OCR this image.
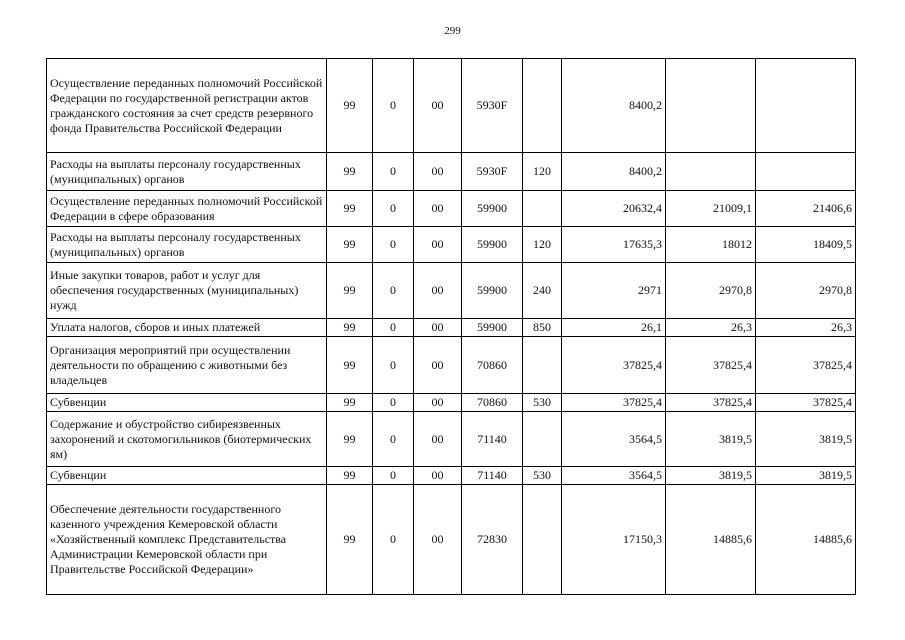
299
Осуществление переданных полномочий Российской Федерации по государственной регистрации актов гражданского состояния за счет средств резервного фонда Правительства Российской Федерации	99	0	00	5930F		8400,2		
Расходы на выплаты персоналу государственных (муниципальных) органов	99	0	00	5930F	120	8400,2		
Осуществление переданных полномочий Российской Федерации в сфере образования	99	0	00	59900		20632,4	21009,1	21406,6
Расходы на выплаты персоналу государственных (муниципальных) органов	99	0	00	59900	120	17635,3	18012	18409,5
Иные закупки товаров, работ и услуг для обеспечения государственных (муниципальных) нужд	99	0	00	59900	240	2971	2970,8	2970,8
Уплата налогов, сборов и иных платежей	99	0	00	59900	850	26,1	26,3	26,3
Организация мероприятий при осуществлении деятельности по обращению с животными без владельцев	99	0	00	70860		37825,4	37825,4	37825,4
Субвенции	99	0	00	70860	530	37825,4	37825,4	37825,4
Содержание и обустройство сибиреязвенных захоронений и скотомогильников (биотермических ям)	99	0	00	71140		3564,5	3819,5	3819,5
Субвенции	99	0	00	71140	530	3564,5	3819,5	3819,5
Обеспечение деятельности государственного казенного учреждения Кемеровской области «Хозяйственный комплекс Представительства Администрации Кемеровской области при Правительстве Российской Федерации»	99	0	00	72830		17150,3	14885,6	14885,6
